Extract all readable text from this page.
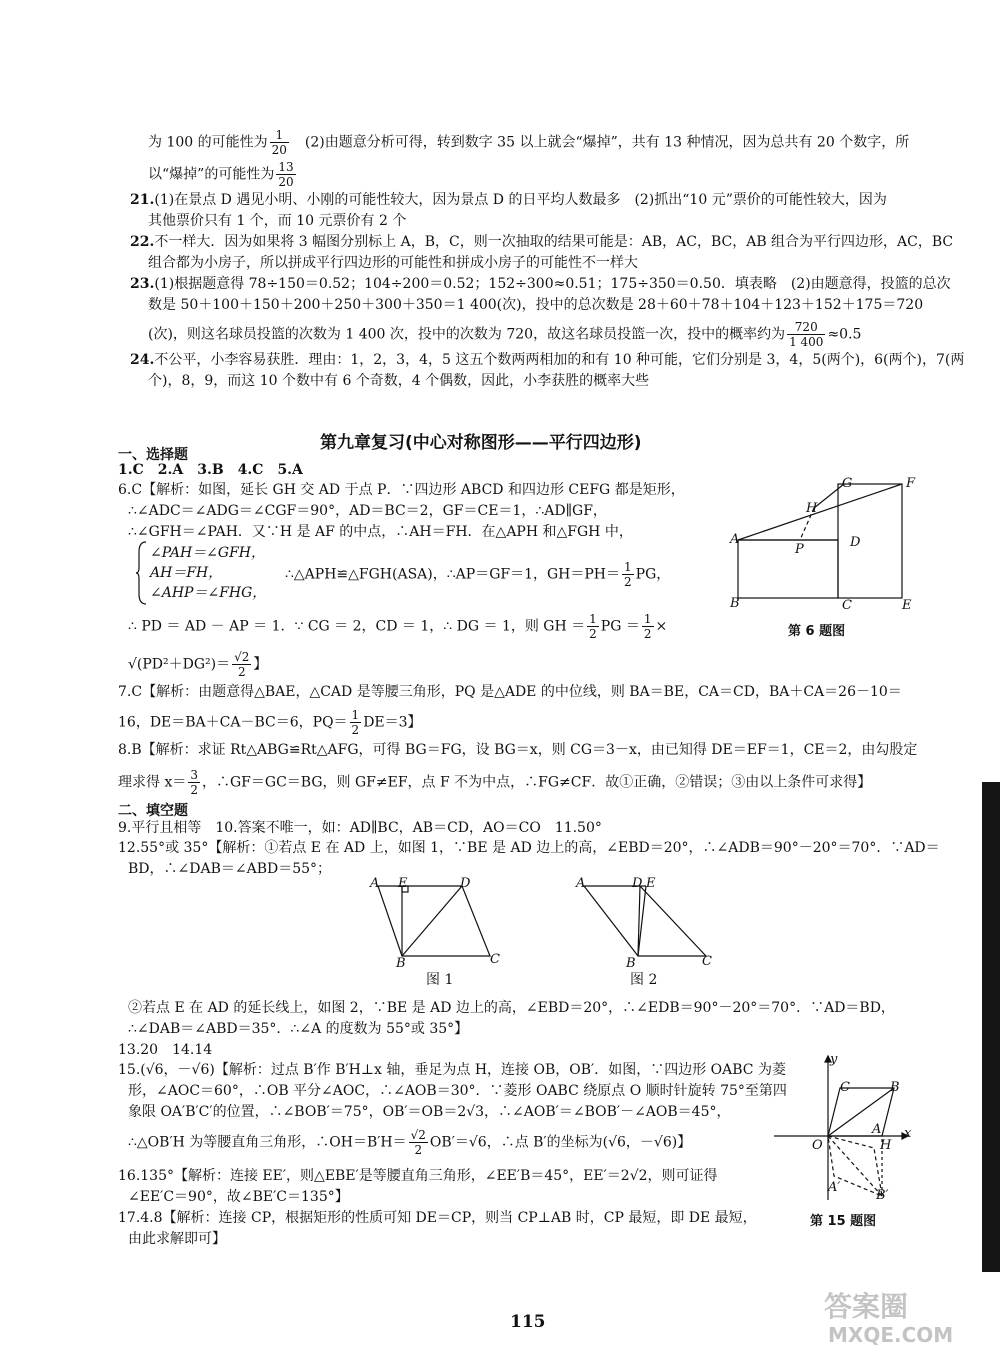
为 100 的可能性为 $\frac{1}{20}$
　 (2)由题意分析可得，转到数字 35 以上就会“爆掉”，共有 13 种情况，因为总共有 20 个数字，所
以“爆掉”的可能性为 $\frac{13}{20}$
21.(1)在景点 D 遇见小明、小刚的可能性较大，因为景点 D 的日平均人数最多　(2)抓出“10 元”票价的可能性较大，因为
其他票价只有 1 个，而 10 元票价有 2 个
22.不一样大．因为如果将 3 幅图分别标上 A，B，C，则一次抽取的结果可能是：AB，AC，BC，AB 组合为平行四边形，AC，BC
组合都为小房子，所以拼成平行四边形的可能性和拼成小房子的可能性不一样大
23.(1)根据题意得 78÷150＝0.52；104÷200＝0.52；152÷300≈0.51；175÷350＝0.50．填表略　(2)由题意得，投篮的总次
数是 50＋100＋150＋200＋250＋300＋350＝1 400(次)，投中的总次数是 28＋60＋78＋104＋123＋152＋175＝720
(次)，则这名球员投篮的次数为 1 400 次，投中的次数为 720，故这名球员投篮一次，投中的概率约为 $\frac{720}{1 400} \approx 0.5$
24.不公平，小李容易获胜．理由：1，2，3，4，5 这五个数两两相加的和有 10 种可能，它们分别是 3，4，5(两个)，6(两个)，7(两
个)，8，9，而这 10 个数中有 6 个奇数，4 个偶数，因此，小李获胜的概率大些
第九章复习(中心对称图形——平行四边形)
一、选择题
1.C　2.A　3.B　4.C　5.A
6.C【解析：如图，延长 GH 交 AD 于点 P．∵四边形 ABCD 和四边形 CEFG 都是矩形，
∴∠ADC＝∠ADG＝∠CGF＝90°，AD＝BC＝2，GF＝CE＝1，∴AD∥GF，
∴∠GFH＝∠PAH．又∵H 是 AF 的中点，∴AH＝FH．在△APH 和△FGH 中，
∠PAH＝∠GFH，
AH＝FH，	∴△APH≌△FGH(ASA)，∴AP＝GF＝1，$GH=PH= \frac{1}{2}$ PG，
∠AHP＝∠FHG，
∴ PD ＝ AD － AP ＝ 1．∵ CG ＝ 2，CD ＝ 1，∴ DG ＝ 1，则 GH ＝ $\frac{1}{2}$ PG ＝ $\frac{1}{2}$ ×
$√(PD^2+DG^2)= \frac{√2}{2}$ 】
G	F
H
A
P	D
B	C	E
第 6 题图
7.C【解析：由题意得△BAE，△CAD 是等腰三角形，PQ 是△ADE 的中位线，则 BA＝BE，CA＝CD，BA＋CA＝26－10＝
16，DE＝BA＋CA－BC＝6，$PQ= \frac{1}{2} DE=3$】
8.B【解析：求证 Rt△ABG≌Rt△AFG，可得 BG＝FG，设 BG＝x，则 CG＝3－x，由已知得 DE＝EF＝1，CE＝2，由勾股定
理求得 $x= \frac{3}{2}$ ，∴GF＝GC＝BG，则 GF≠EF，点 F 不为中点，∴FG≠CF．故①正确，②错误；③由以上条件可求得】
二、填空题
9.平行且相等　10.答案不唯一，如：AD∥BC，AB＝CD，AO＝CO　11.50°
12.55°或 35°【解析：①若点 E 在 AD 上，如图 1，∵BE 是 AD 边上的高，∠EBD＝20°，∴∠ADB＝90°－20°＝70°．∵AD＝
BD，∴∠DAB＝∠ABD＝55°；
A E	D
B	C
图 1
A	D E
B	C
图 2
②若点 E 在 AD 的延长线上，如图 2，∵BE 是 AD 边上的高，∠EBD＝20°，∴∠EDB＝90°－20°＝70°．∵AD＝BD，
∴∠DAB＝∠ABD＝35°．∴∠A 的度数为 55°或 35°】
13.20　14.14
15.(√6，－√6)【解析：过点 B′作 B′H⊥x 轴，垂足为点 H，连接 OB，OB′．如图，∵四边形 OABC 为菱
形，∠AOC＝60°，∴OB 平分∠AOC，∴∠AOB＝30°．∵菱形 OABC 绕原点 O 顺时针旋转 75°至第四
象限 OA′B′C′的位置，∴∠BOB′＝75°，OB′＝OB＝2√3，∴∠AOB′＝∠BOB′－∠AOB＝45°，
∴△OB′H 为等腰直角三角形，∴OH＝B′H＝ $\frac{√2}{2} OB'=√6$，∴点 B′的坐标为(√6，－√6)】
y
C	B
O
A
H
x
A′
B′
第 15 题图
16.135°【解析：连接 EE′，则△EBE′是等腰直角三角形，∠EE′B＝45°，EE′＝2√2，则可证得
∠EE′C＝90°，故∠BE′C＝135°】
17.4.8【解析：连接 CP，根据矩形的性质可知 DE＝CP，则当 CP⊥AB 时，CP 最短，即 DE 最短，
由此求解即可】
115	答案圈
MXQE.COM
